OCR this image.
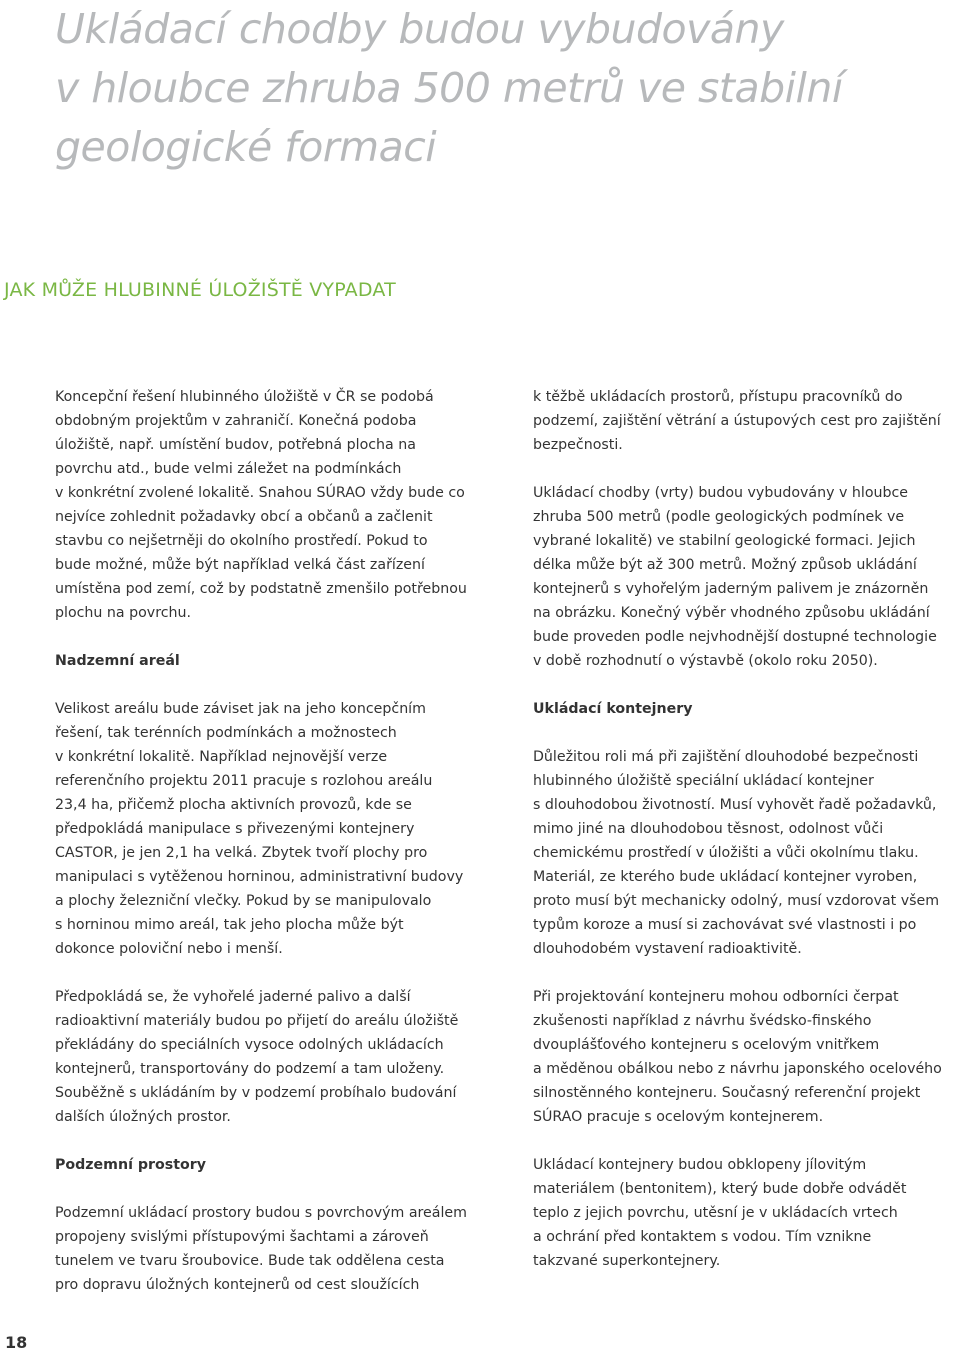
Ukládací chodby budou vybudovány
v hloubce zhruba 500 metrů ve stabilní
geologické formaci
JAK MŮŽE HLUBINNÉ ÚLOŽIŠTĚ VYPADAT

Koncepční řešení hlubinného úložiště v ČR se podobá
obdobným projektům v zahraničí. Konečná podoba
úložiště, např. umístění budov, potřebná plocha na
povrchu atd., bude velmi záležet na podmínkách
v konkrétní zvolené lokalitě. Snahou SÚRAO vždy bude co
nejvíce zohlednit požadavky obcí a občanů a začlenit
stavbu co nejšetrněji do okolního prostředí. Pokud to
bude možné, může být například velká část zařízení
umístěna pod zemí, což by podstatně zmenšilo potřebnou
plochu na povrchu.

Nadzemní areál

Velikost areálu bude záviset jak na jeho koncepčním
řešení, tak terénních podmínkách a možnostech
v konkrétní lokalitě. Například nejnovější verze
referenčního projektu 2011 pracuje s rozlohou areálu
23,4 ha, přičemž plocha aktivních provozů, kde se
předpokládá manipulace s přivezenými kontejnery
CASTOR, je jen 2,1 ha velká. Zbytek tvoří plochy pro
manipulaci s vytěženou horninou, administrativní budovy
a plochy železniční vlečky. Pokud by se manipulovalo
s horninou mimo areál, tak jeho plocha může být
dokonce poloviční nebo i menší.

Předpokládá se, že vyhořelé jaderné palivo a další
radioaktivní materiály budou po přijetí do areálu úložiště
překládány do speciálních vysoce odolných ukládacích
kontejnerů, transportovány do podzemí a tam uloženy.
Souběžně s ukládáním by v podzemí probíhalo budování
dalších úložných prostor.

Podzemní prostory

Podzemní ukládací prostory budou s povrchovým areálem
propojeny svislými přístupovými šachtami a zároveň
tunelem ve tvaru šroubovice. Bude tak oddělena cesta
pro dopravu úložných kontejnerů od cest sloužících

k těžbě ukládacích prostorů, přístupu pracovníků do
podzemí, zajištění větrání a ústupových cest pro zajištění
bezpečnosti.

Ukládací chodby (vrty) budou vybudovány v hloubce
zhruba 500 metrů (podle geologických podmínek ve
vybrané lokalitě) ve stabilní geologické formaci. Jejich
délka může být až 300 metrů. Možný způsob ukládání
kontejnerů s vyhořelým jaderným palivem je znázorněn
na obrázku. Konečný výběr vhodného způsobu ukládání
bude proveden podle nejvhodnější dostupné technologie
v době rozhodnutí o výstavbě (okolo roku 2050).

Ukládací kontejnery

Důležitou roli má při zajištění dlouhodobé bezpečnosti
hlubinného úložiště speciální ukládací kontejner
s dlouhodobou životností. Musí vyhovět řadě požadavků,
mimo jiné na dlouhodobou těsnost, odolnost vůči
chemickému prostředí v úložišti a vůči okolnímu tlaku.
Materiál, ze kterého bude ukládací kontejner vyroben,
proto musí být mechanicky odolný, musí vzdorovat všem
typům koroze a musí si zachovávat své vlastnosti i po
dlouhodobém vystavení radioaktivitě.

Při projektování kontejneru mohou odborníci čerpat
zkušenosti například z návrhu švédsko-finského
dvouplášťového kontejneru s ocelovým vnitřkem
a měděnou obálkou nebo z návrhu japonského ocelového
silnostěnného kontejneru. Současný referenční projekt
SÚRAO pracuje s ocelovým kontejnerem.

Ukládací kontejnery budou obklopeny jílovitým
materiálem (bentonitem), který bude dobře odvádět
teplo z jejich povrchu, utěsní je v ukládacích vrtech
a ochrání před kontaktem s vodou. Tím vznikne
takzvané superkontejnery.

18
